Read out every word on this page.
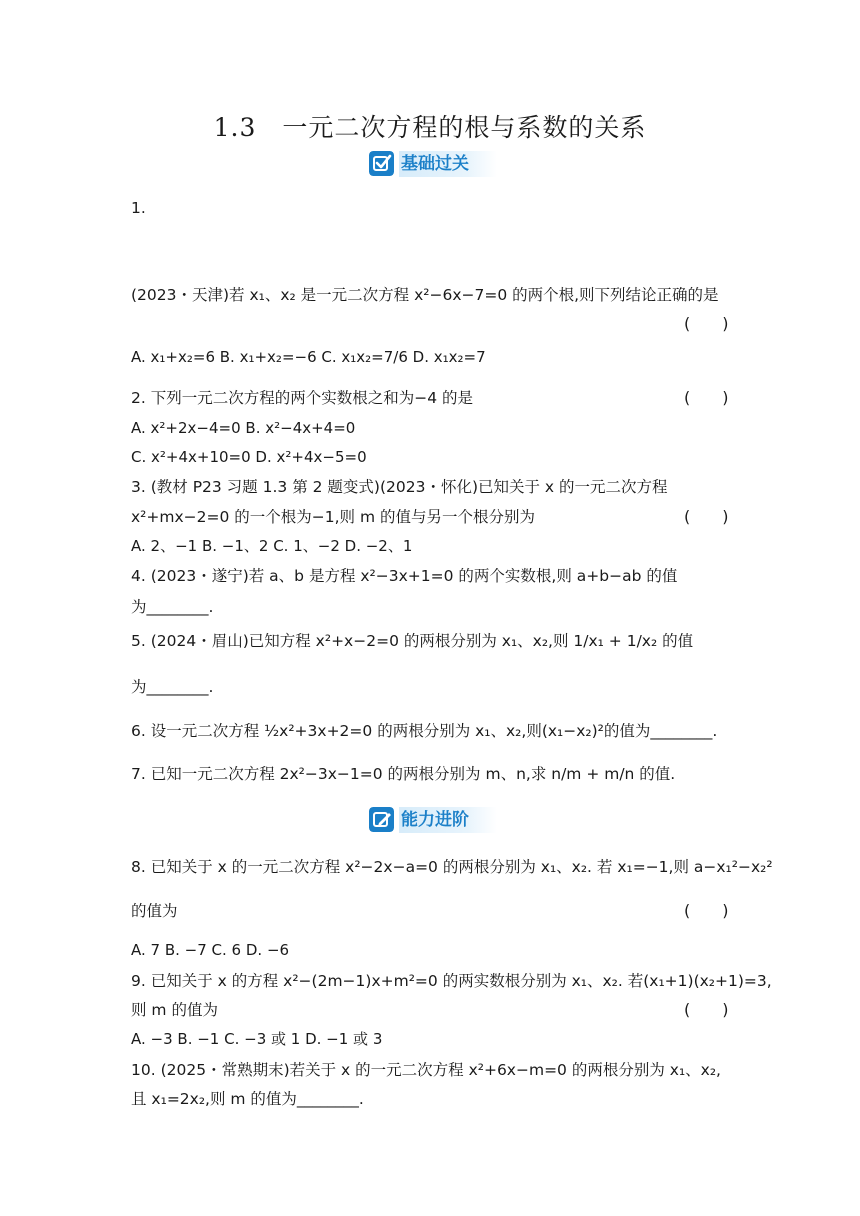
1.3　一元二次方程的根与系数的关系
基础过关
能力进阶
1.
(2023・天津)若 x₁、x₂ 是一元二次方程 x²−6x−7=0 的两个根,则下列结论正确的是
(　　)
A. x₁+x₂=6 B. x₁+x₂=−6 C. x₁x₂=7/6 D. x₁x₂=7
2. 下列一元二次方程的两个实数根之和为−4 的是	(　　)
A. x²+2x−4=0 B. x²−4x+4=0
C. x²+4x+10=0 D. x²+4x−5=0
3. (教材 P23 习题 1.3 第 2 题变式)(2023・怀化)已知关于 x 的一元二次方程
x²+mx−2=0 的一个根为−1,则 m 的值与另一个根分别为	(　　)
A. 2、−1 B. −1、2 C. 1、−2 D. −2、1
4. (2023・遂宁)若 a、b 是方程 x²−3x+1=0 的两个实数根,则 a+b−ab 的值
为________.
5. (2024・眉山)已知方程 x²+x−2=0 的两根分别为 x₁、x₂,则 1/x₁ + 1/x₂ 的值
为________.
6. 设一元二次方程 ½x²+3x+2=0 的两根分别为 x₁、x₂,则(x₁−x₂)²的值为________.
7. 已知一元二次方程 2x²−3x−1=0 的两根分别为 m、n,求 n/m + m/n 的值.
8. 已知关于 x 的一元二次方程 x²−2x−a=0 的两根分别为 x₁、x₂. 若 x₁=−1,则 a−x₁²−x₂²
的值为	(　　)
A. 7 B. −7 C. 6 D. −6
9. 已知关于 x 的方程 x²−(2m−1)x+m²=0 的两实数根分别为 x₁、x₂. 若(x₁+1)(x₂+1)=3,
则 m 的值为	(　　)
A. −3 B. −1 C. −3 或 1 D. −1 或 3
10. (2025・常熟期末)若关于 x 的一元二次方程 x²+6x−m=0 的两根分别为 x₁、x₂,
且 x₁=2x₂,则 m 的值为________.
